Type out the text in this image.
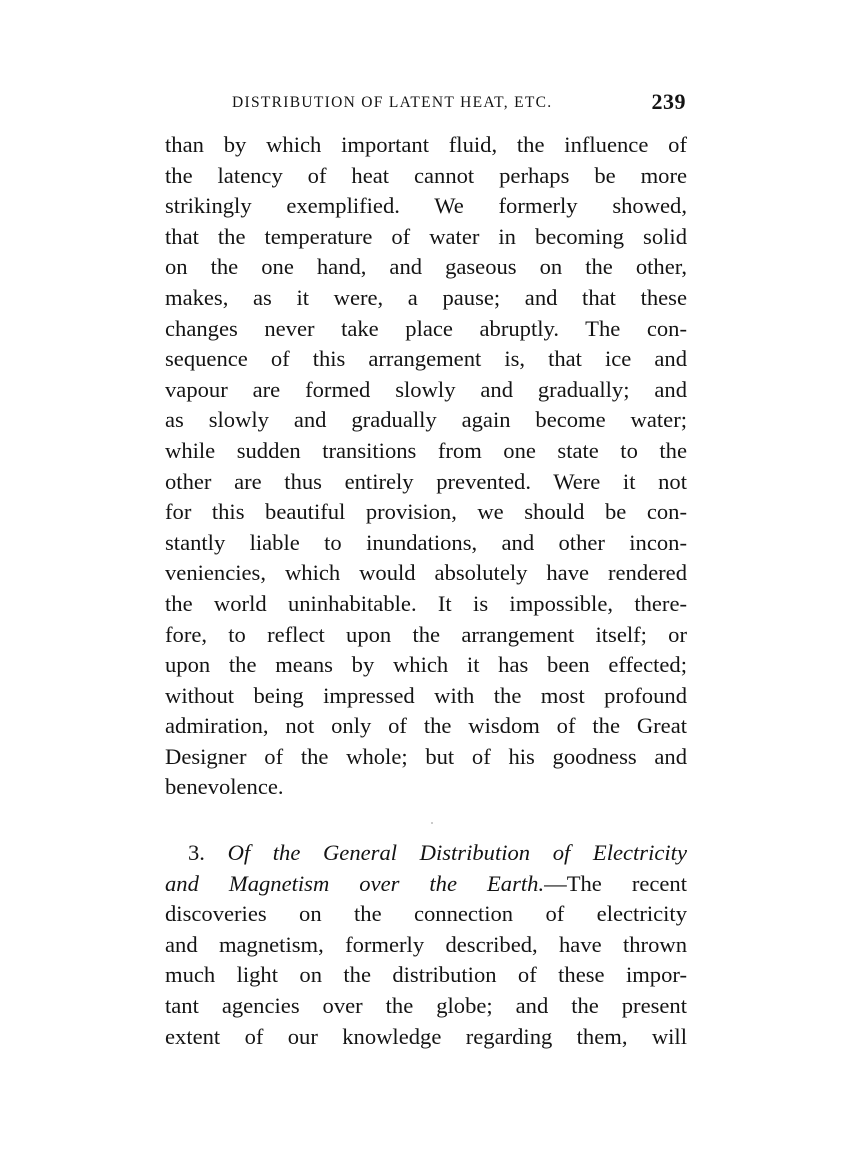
DISTRIBUTION OF LATENT HEAT, ETC.	239
than by which important fluid, the influence of
the latency of heat cannot perhaps be more
strikingly exemplified. We formerly showed,
that the temperature of water in becoming solid
on the one hand, and gaseous on the other,
makes, as it were, a pause; and that these
changes never take place abruptly. The con-
sequence of this arrangement is, that ice and
vapour are formed slowly and gradually; and
as slowly and gradually again become water;
while sudden transitions from one state to the
other are thus entirely prevented. Were it not
for this beautiful provision, we should be con-
stantly liable to inundations, and other incon-
veniencies, which would absolutely have rendered
the world uninhabitable. It is impossible, there-
fore, to reflect upon the arrangement itself; or
upon the means by which it has been effected;
without being impressed with the most profound
admiration, not only of the wisdom of the Great
Designer of the whole; but of his goodness and
benevolence.
3. Of the General Distribution of Electricity
and Magnetism over the Earth.—The recent
discoveries on the connection of electricity
and magnetism, formerly described, have thrown
much light on the distribution of these impor-
tant agencies over the globe; and the present
extent of our knowledge regarding them, will
